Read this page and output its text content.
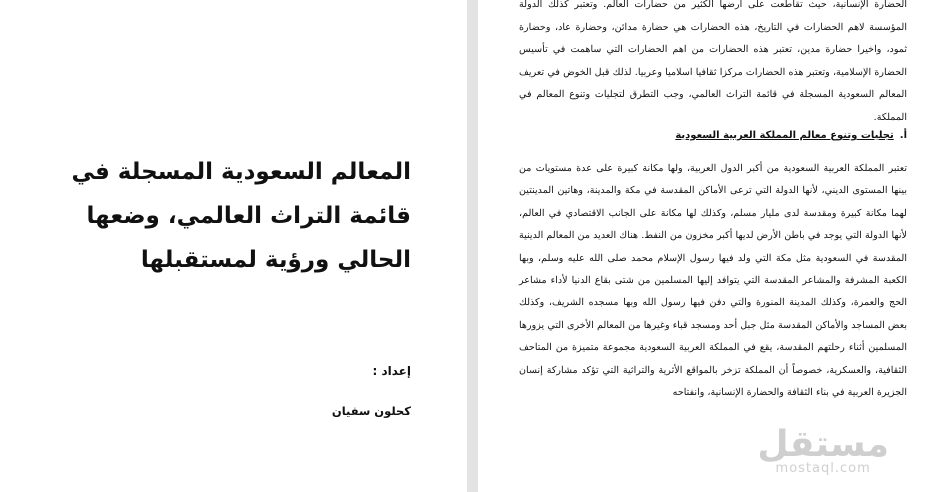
المعالم السعودية المسجلة في قائمة التراث العالمي، وضعها الحالي ورؤية لمستقبلها
إعداد :
كحلون سفيان

الحضارة الإنسانية، حيث تقاطعت على أرضها الكثير من حضارات العالم. وتعتبر كذلك الدولة المؤسسة لاهم الحضارات في التاريخ، هذه الحضارات هي حضارة مدائن، وحضارة عاد، وحضارة ثمود، واخيرا حضارة مدين، تعتبر هذه الحضارات من اهم الحضارات التي ساهمت في تأسيس الحضارة الإسلامية، وتعتبر هذه الحضارات مركزا ثقافيا اسلاميا وعربيا. لذلك قبل الخوض في تعريف المعالم السعودية المسجلة في قائمة التراث العالمي، وجب التطرق لتجليات وتنوع المعالم في المملكة.

أ.تجليات وتنوع معالم المملكة العربية السعودية

تعتبر المملكة العربية السعودية من أكبر الدول العربية، ولها مكانة كبيرة على عدة مستويات من بينها المستوى الديني، لأنها الدولة التي ترعى الأماكن المقدسة في مكة والمدينة، وهاتين المدينتين لهما مكانة كبيرة ومقدسة لدى مليار مسلم، وكذلك لها مكانة على الجانب الاقتصادي في العالم، لأنها الدولة التي يوجد في باطن الأرض لديها أكبر مخزون من النفط. هناك العديد من المعالم الدينية المقدسة في السعودية مثل مكة التي ولد فيها رسول الإسلام محمد صلى الله عليه وسلم، وبها الكعبة المشرفة والمشاعر المقدسة التي يتوافد إليها المسلمين من شتى بقاع الدنيا لأداء مشاعر الحج والعمرة، وكذلك المدينة المنورة والتي دفن فيها رسول الله وبها مسجده الشريف، وكذلك بعض المساجد والأماكن المقدسة مثل جبل أحد ومسجد قباء وغيرها من المعالم الأخرى التي يزورها المسلمين أثناء رحلتهم المقدسة، يقع في المملكة العربية السعودية مجموعة متميزة من المتاحف الثقافية، والعسكرية، خصوصاً أن المملكة تزخر بالمواقع الأثرية والتراثية التي تؤكد مشاركة إنسان الجزيرة العربية في بناء الثقافة والحضارة الإنسانية، وانفتاحه

مستقل
mostaql.com
